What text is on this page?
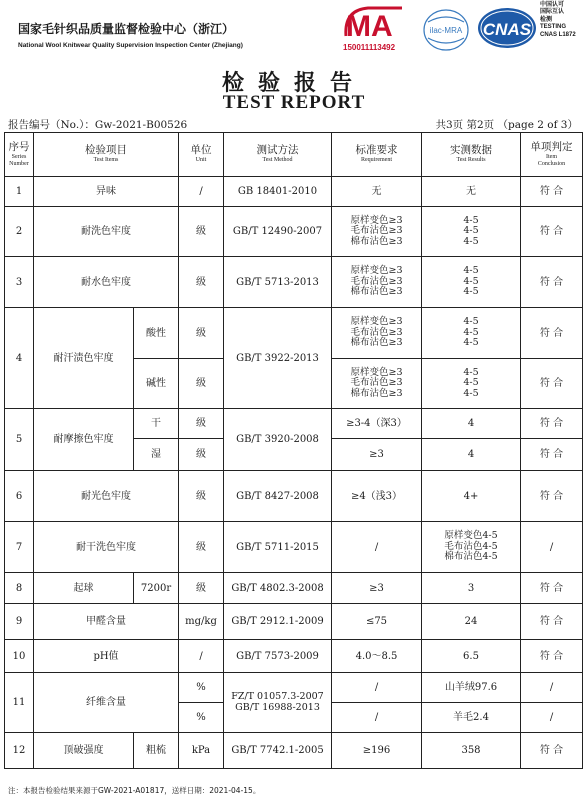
国家毛针织品质量监督检验中心（浙江）
National Wool Knitwear Quality Supervision Inspection Center (Zhejiang)
MA
150011113492
ilac-MRA CNAS
中国认可
国际互认
检测
TESTING
CNAS L1872
检验报告
TEST REPORT
报告编号（No.）：Gw-2021-B00526	共3页 第2页 （page 2 of 3）
序号
Series
Number	检验项目
Test Items		单位
Unit	测试方法
Test Method	标准要求
Requirement	实测数据
Test Results	单项判定
Item
Conclusion

1	异味		/	GB 18401-2010	无	无	符 合
2	耐洗色牢度		级	GB/T 12490-2007	原样变色≥3
毛布沾色≥3
棉布沾色≥3	4-5
4-5
4-5	符 合
3	耐水色牢度		级	GB/T 5713-2013	原样变色≥3
毛布沾色≥3
棉布沾色≥3	4-5
4-5
4-5	符 合
4	耐汗渍色牢度	酸性	级	GB/T 3922-2013	原样变色≥3
毛布沾色≥3
棉布沾色≥3	4-5
4-5
4-5	符 合
		碱性	级		原样变色≥3
毛布沾色≥3
棉布沾色≥3	4-5
4-5
4-5	符 合
5	耐摩擦色牢度	干	级	GB/T 3920-2008	≥3-4（深3）	4	符 合
		湿	级		≥3	4	符 合
6	耐光色牢度		级	GB/T 8427-2008	≥4（浅3）	4+	符 合
7	耐干洗色牢度		级	GB/T 5711-2015	/	原样变色4-5
毛布沾色4-5
棉布沾色4-5	/
8	起球	7200r	级	GB/T 4802.3-2008	≥3	3	符 合
9	甲醛含量		mg/kg	GB/T 2912.1-2009	≤75	24	符 合
10	pH值		/	GB/T 7573-2009	4.0～8.5	6.5	符 合
11	纤维含量		%	FZ/T 01057.3-2007
GB/T 16988-2013	/	山羊绒97.6	/
			%		/	羊毛2.4	/
12	顶破强度	粗梳	kPa	GB/T 7742.1-2005	≥196	358	符 合
注：本报告检验结果来源于GW-2021-A01817，送样日期：2021-04-15。
